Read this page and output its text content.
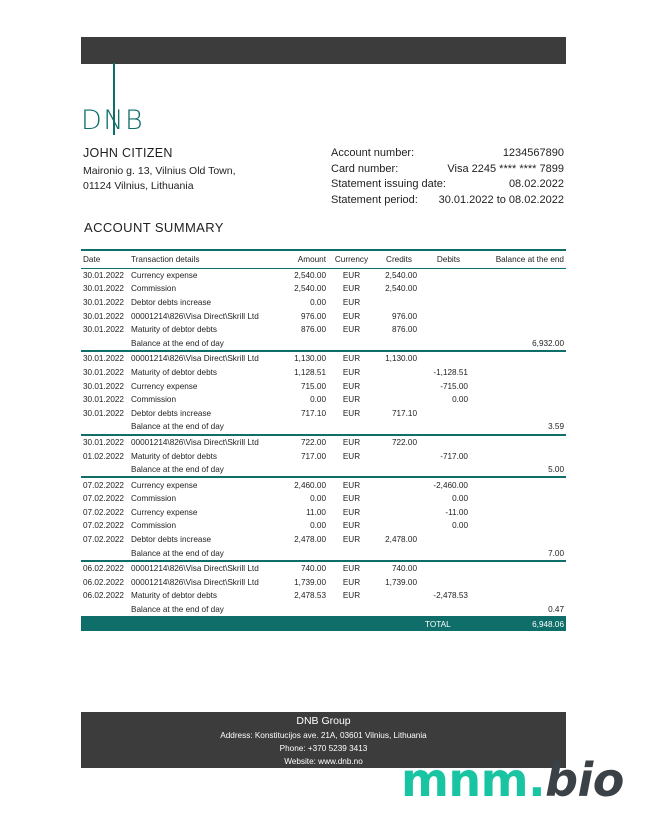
DNB
JOHN CITIZEN
Maironio g. 13, Vilnius Old Town,
01124 Vilnius, Lithuania
Account number:	1234567890
Card number:	Visa 2245 **** **** 7899
Statement issuing date:	08.02.2022
Statement period: 30.01.2022 to 08.02.2022
ACCOUNT SUMMARY
Date	Transaction details	Amount	Currency	Credits	Debits	Balance at the end
30.01.2022	Currency expense	2,540.00	EUR	2,540.00		
30.01.2022	Commission	2,540.00	EUR	2,540.00		
30.01.2022	Debtor debts increase	0.00	EUR			
30.01.2022	00001214\826\Visa Direct\Skrill Ltd	976.00	EUR	976.00		
30.01.2022	Maturity of debtor debts	876.00	EUR	876.00		
	Balance at the end of day					6,932.00
30.01.2022	00001214\826\Visa Direct\Skrill Ltd	1,130.00	EUR	1,130.00		
30.01.2022	Maturity of debtor debts	1,128.51	EUR		-1,128.51	
30.01.2022	Currency expense	715.00	EUR		-715.00	
30.01.2022	Commission	0.00	EUR		0.00	
30.01.2022	Debtor debts increase	717.10	EUR	717.10		
	Balance at the end of day					3.59
30.01.2022	00001214\826\Visa Direct\Skrill Ltd	722.00	EUR	722.00		
01.02.2022	Maturity of debtor debts	717.00	EUR		-717.00	
	Balance at the end of day					5.00
07.02.2022	Currency expense	2,460.00	EUR		-2,460.00	
07.02.2022	Commission	0.00	EUR		0.00	
07.02.2022	Currency expense	11.00	EUR		-11.00	
07.02.2022	Commission	0.00	EUR		0.00	
07.02.2022	Debtor debts increase	2,478.00	EUR	2,478.00		
	Balance at the end of day					7.00
06.02.2022	00001214\826\Visa Direct\Skrill Ltd	740.00	EUR	740.00		
06.02.2022	00001214\826\Visa Direct\Skrill Ltd	1,739.00	EUR	1,739.00		
06.02.2022	Maturity of debtor debts	2,478.53	EUR		-2,478.53	
	Balance at the end of day					0.47
					TOTAL	6,948.06
DNB Group
Address: Konstitucijos ave. 21A, 03601 Vilnius, Lithuania
Phone: +370 5239 3413
Website: www.dnb.no mnm.bio
